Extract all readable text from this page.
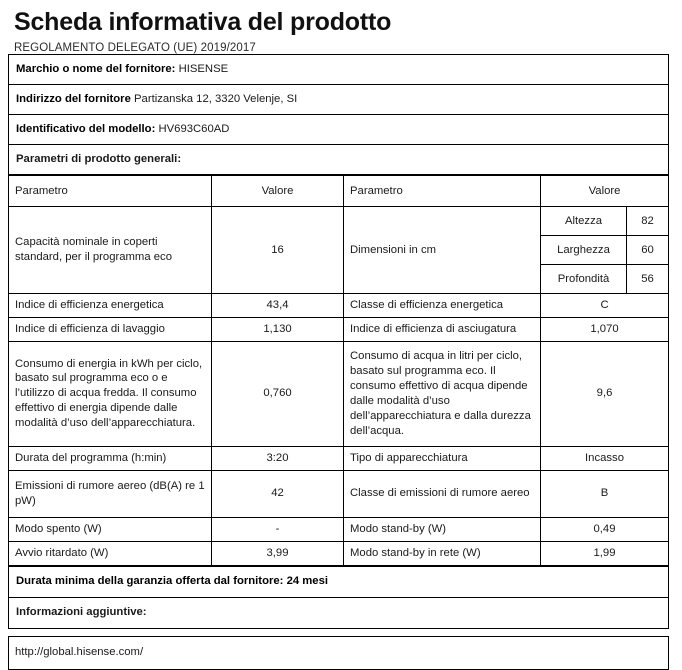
Scheda informativa del prodotto

REGOLAMENTO DELEGATO (UE) 2019/2017

Marchio o nome del fornitore: HISENSE
Indirizzo del fornitore Partizanska 12, 3320 Velenje, SI
Identificativo del modello: HV693C60AD
Parametri di prodotto generali:
Parametro	Valore	Parametro	Valore
Capacità nominale in coperti standard, per il programma eco	16	Dimensioni in cm	
Altezza	82
Larghezza	60
Profondità	56

Indice di efficienza energetica	43,4	Classe di efficienza energetica	C
Indice di efficienza di lavaggio	1,130	Indice di efficienza di asciugatura	1,070
Consumo di energia in kWh per ciclo, basato sul programma eco o e l’utilizzo di acqua fredda. Il consumo effettivo di energia dipende dalle modalità d’uso dell’apparecchiatura.	0,760	Consumo di acqua in litri per ciclo, basato sul programma eco. Il consumo effettivo di acqua dipende dalle modalità d’uso dell’apparecchiatura e dalla durezza dell’acqua.	9,6
Durata del programma (h:min)	3:20	Tipo di apparecchiatura	Incasso
Emissioni di rumore aereo (dB(A) re 1 pW)	42	Classe di emissioni di rumore aereo	B
Modo spento (W)	-	Modo stand-by (W)	0,49
Avvio ritardato (W)	3,99	Modo stand-by in rete (W)	1,99
Durata minima della garanzia offerta dal fornitore: 24 mesi
Informazioni aggiuntive:
http://global.hisense.com/
